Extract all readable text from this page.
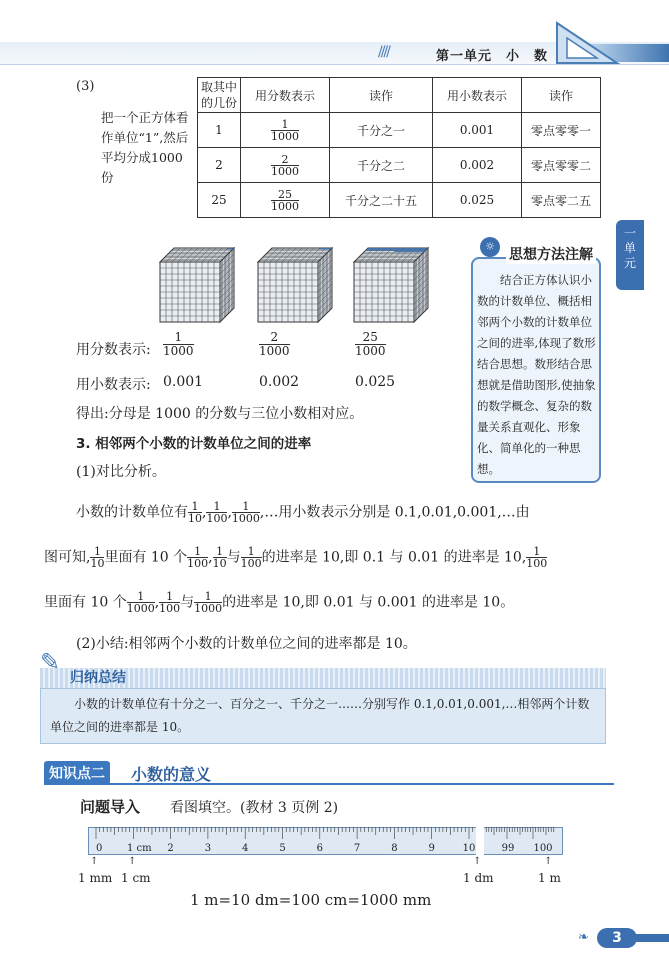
////	第一单元　小　数
一
单
元
(3)
把一个正方体看作单位“1”,然后平均分成1000份	取其中的几份	用分数表示	读作	用小数表示	读作
	1	$\frac{1}{1000}$	千分之一	0.001	零点零零一
	2	$\frac{2}{1000}$	千分之二	0.002	零点零零二
	25	$\frac{25}{1000}$	千分之二十五	0.025	零点零二五
用分数表示: $\frac{1}{1000}$	$\frac{2}{1000}$	$\frac{25}{1000}$
用小数表示: 0.001	0.002	0.025
得出:分母是 1000 的分数与三位小数相对应。
3. 相邻两个小数的计数单位之间的进率
(1)对比分析。
小数的计数单位有 $\frac{1}{10}$ , $\frac{1}{100}$ , $\frac{1}{1000}$ ,…用小数表示分别是 0.1,0.01,0.001,…由
图可知, $\frac{1}{10}$ 里面有 10 个 $\frac{1}{100}$ , $\frac{1}{10}$ 与 $\frac{1}{100}$ 的进率是 10,即 0.1 与 0.01 的进率是 10, $\frac{1}{100}$
里面有 10 个 $\frac{1}{1000}$ , $\frac{1}{100}$ 与 $\frac{1}{1000}$ 的进率是 10,即 0.01 与 0.001 的进率是 10。
(2)小结:相邻两个小数的计数单位之间的进率都是 10。
☼
思想方法注解
　　结合正方体认识小数的计数单位、概括相邻两个小数的计数单位之间的进率,体现了数形结合思想。数形结合思想就是借助图形,使抽象的数学概念、复杂的数量关系直观化、形象化、简单化的一种思想。
✎
归纳总结
　　小数的计数单位有十分之一、百分之一、千分之一……分别写作 0.1,0.01,0.001,…相邻两个计数单位之间的进率都是 10。
知识点二	小数的意义
问题导入 看图填空。(教材 3 页例 2)
0 1 cm 2	3	4	5	6	7	8	9	10	99 100
↑	↑	↑	↑
1 mm 1 cm	1 dm	1 m
1 m=10 dm=100 cm=1000 mm
3
❧
